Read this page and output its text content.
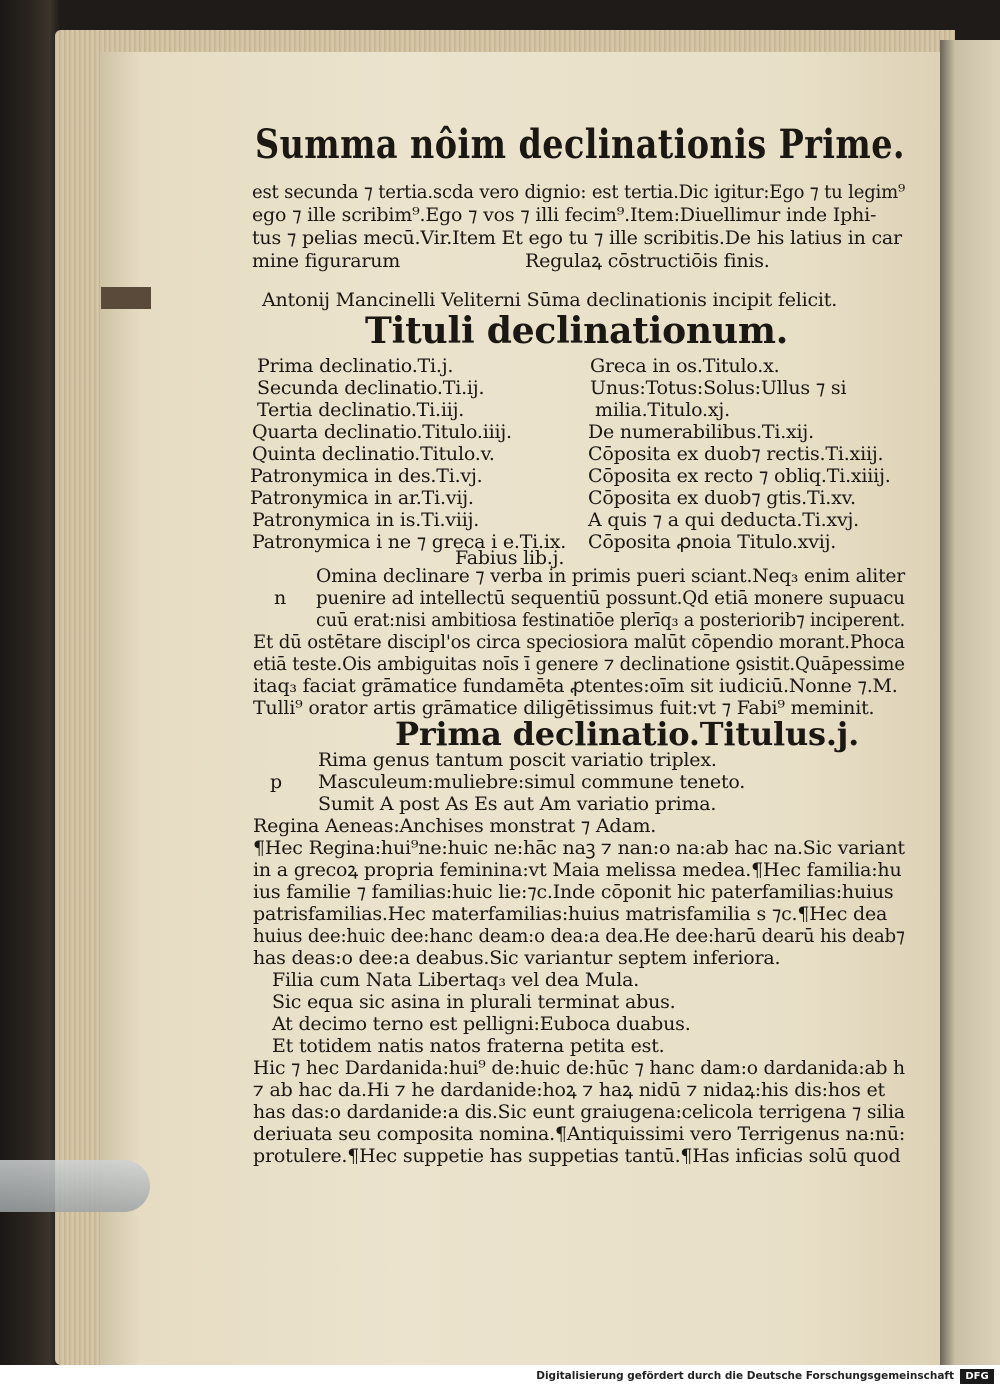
Summa nôim declinationis Prime.
est secunda ⁊ tertia.scda vero dignio: est tertia.Dic igitur:Ego ⁊ tu legim⁹
ego ⁊ ille scribim⁹.Ego ⁊ vos ⁊ illi fecim⁹.Item:Diuellimur inde Iphi-
tus ⁊ pelias mecū.Vir.Item Et ego tu ⁊ ille scribitis.De his latius in car
mine figurarum	Regulaꝝ cōstructiōis finis.
Antonij Mancinelli Veliterni Sūma declinationis incipit felicit.
Tituli declinationum.
Prima declinatio.Ti.j.
Secunda declinatio.Ti.ij.
Tertia declinatio.Ti.iij.
Quarta declinatio.Titulo.iiij.
Quinta declinatio.Titulo.v.
Patronymica in des.Ti.vj.
Patronymica in ar.Ti.vij.
Patronymica in is.Ti.viij.
Patronymica i ne ⁊ greca i e.Ti.ix.
Greca in os.Titulo.x.
Unus:Totus:Solus:Ullus ⁊ si
milia.Titulo.xj.
De numerabilibus.Ti.xij.
Cōposita ex duob⁊ rectis.Ti.xiij.
Cōposita ex recto ⁊ obliq.Ti.xiiij.
Cōposita ex duob⁊ gtis.Ti.xv.
A quis ⁊ a qui deducta.Ti.xvj.
Cōposita ꝓnoia Titulo.xvij.
Fabius lib.j.
n
Omina declinare ⁊ verba in primis pueri sciant.Neq₃ enim aliter
puenire ad intellectū sequentiū possunt.Qd etiā monere supuacu
cuū erat:nisi ambitiosa festinatiōe plerīq₃ a posteriorib⁊ inciperent.
Et dū ostētare discipl'os circa speciosiora malūt cōpendio morant.Phoca
etiā teste.Ois ambiguitas noīs ī genere ⁊ declinatione ꝯsistit.Quāpessime
itaq₃ faciat grāmatice fundamēta ꝓtentes:oīm sit iudiciū.Nonne ⁊.M.
Tulli⁹ orator artis grāmatice diligētissimus fuit:vt ⁊ Fabi⁹ meminit.
Prima declinatio.Titulus.j.
p
Rima genus tantum poscit variatio triplex.
Masculeum:muliebre:simul commune teneto.
Sumit A post As Es aut Am variatio prima.
Regina Aeneas:Anchises monstrat ⁊ Adam.
¶Hec Regina:hui⁹ne:huic ne:hāc naꝫ ⁊ nan:o na:ab hac na.Sic variant
in a grecoꝝ propria feminina:vt Maia melissa medea.¶Hec familia:hu
ius familie ⁊ familias:huic lie:⁊c.Inde cōponit hic paterfamilias:huius
patrisfamilias.Hec materfamilias:huius matrisfamilia s ⁊c.¶Hec dea
huius dee:huic dee:hanc deam:o dea:a dea.He dee:harū dearū his deab⁊
has deas:o dee:a deabus.Sic variantur septem inferiora.
Filia cum Nata Libertaq₃ vel dea Mula.
Sic equa sic asina in plurali terminat abus.
At decimo terno est pelligni:Euboca duabus.
Et totidem natis natos fraterna petita est.
Hic ⁊ hec Dardanida:hui⁹ de:huic de:hūc ⁊ hanc dam:o dardanida:ab h
⁊ ab hac da.Hi ⁊ he dardanide:hoꝝ ⁊ haꝝ nidū ⁊ nidaꝝ:his dis:hos et
has das:o dardanide:a dis.Sic eunt graiugena:celicola terrigena ⁊ silia
deriuata seu composita nomina.¶Antiquissimi vero Terrigenus na:nū:
protulere.¶Hec suppetie has suppetias tantū.¶Has inficias solū quod
Digitalisierung gefördert durch die Deutsche Forschungsgemeinschaft	DFG
